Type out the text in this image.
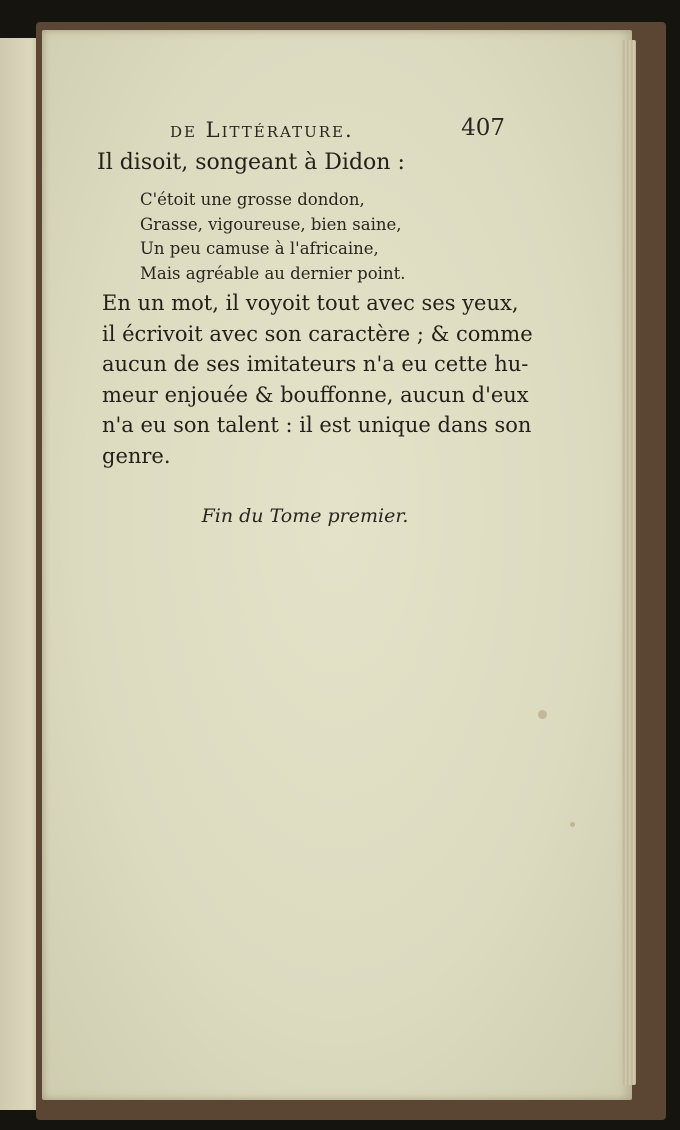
de Littérature.	407
Il disoit, songeant à Didon :
C'étoit une grosse dondon,
Grasse, vigoureuse, bien saine,
Un peu camuse à l'africaine,
Mais agréable au dernier point.
En un mot, il voyoit tout avec ses yeux,
il écrivoit avec son caractère ; & comme
aucun de ses imitateurs n'a eu cette hu-
meur enjouée & bouffonne, aucun d'eux
n'a eu son talent : il est unique dans son
genre.
Fin du Tome premier.
